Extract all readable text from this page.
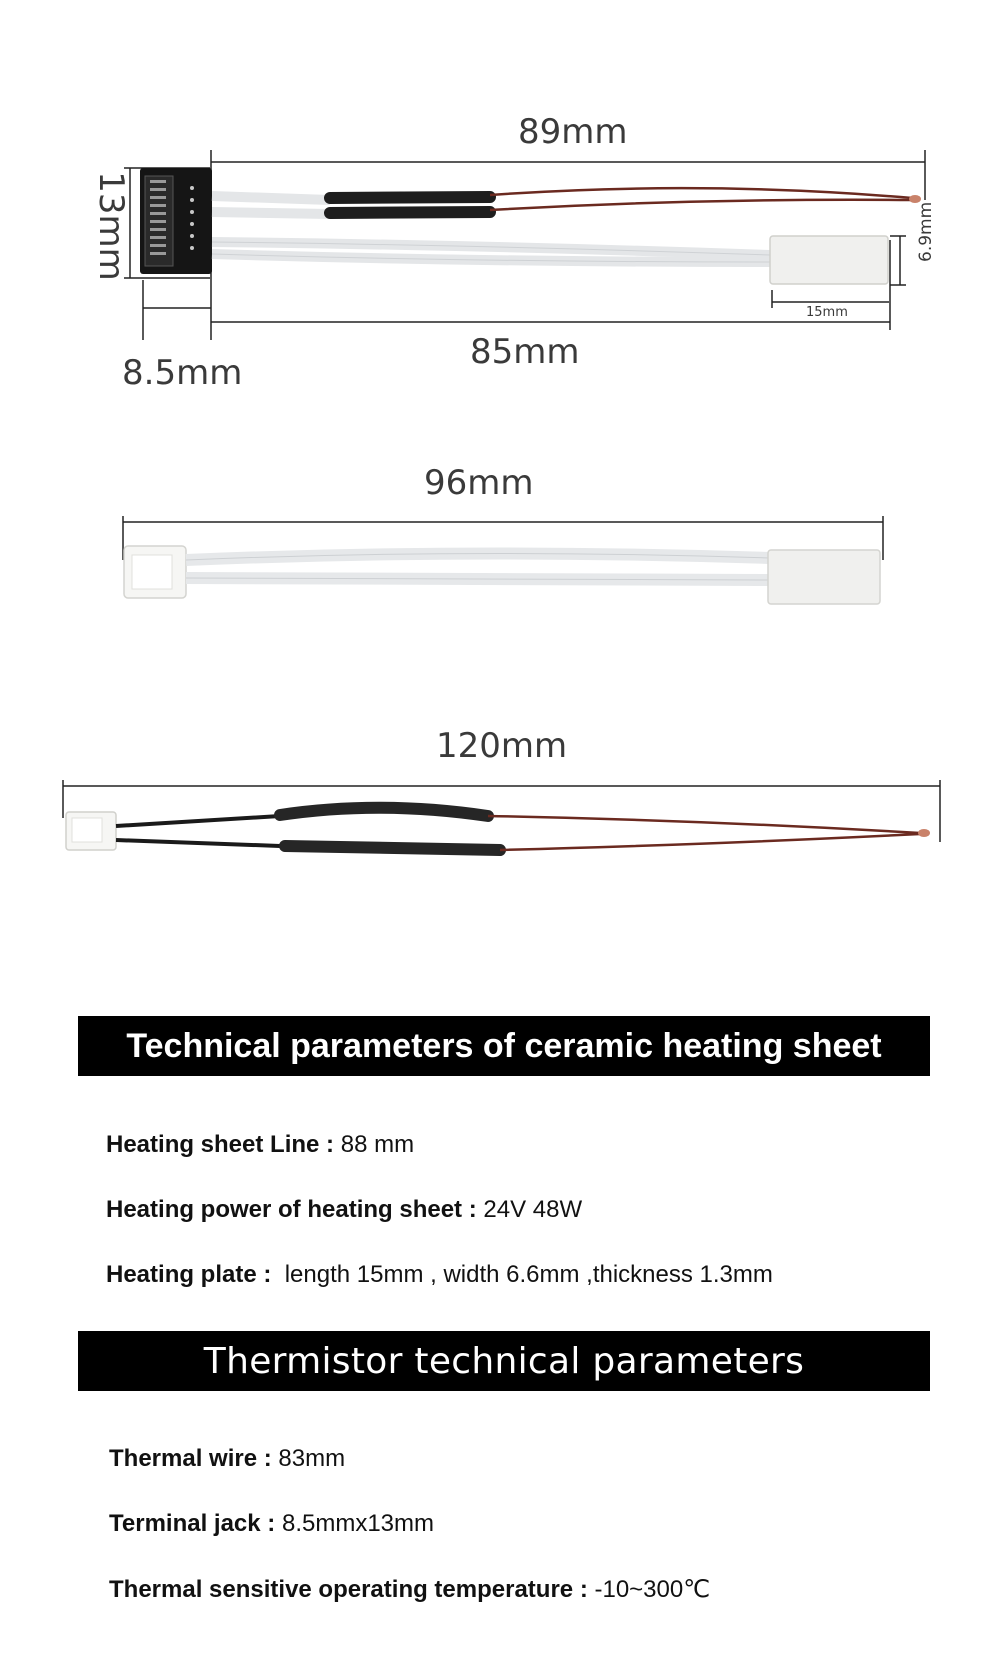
89mm
13mm
85mm
8.5mm
6.9mm
15mm
96mm
120mm
Technical parameters of ceramic heating sheet
Heating sheet Line : 88 mm
Heating power of heating sheet : 24V 48W
Heating plate :  length 15mm , width 6.6mm ,thickness 1.3mm
Thermistor technical parameters
Thermal wire : 83mm
Terminal jack : 8.5mmx13mm
Thermal sensitive operating temperature : -10~300℃
